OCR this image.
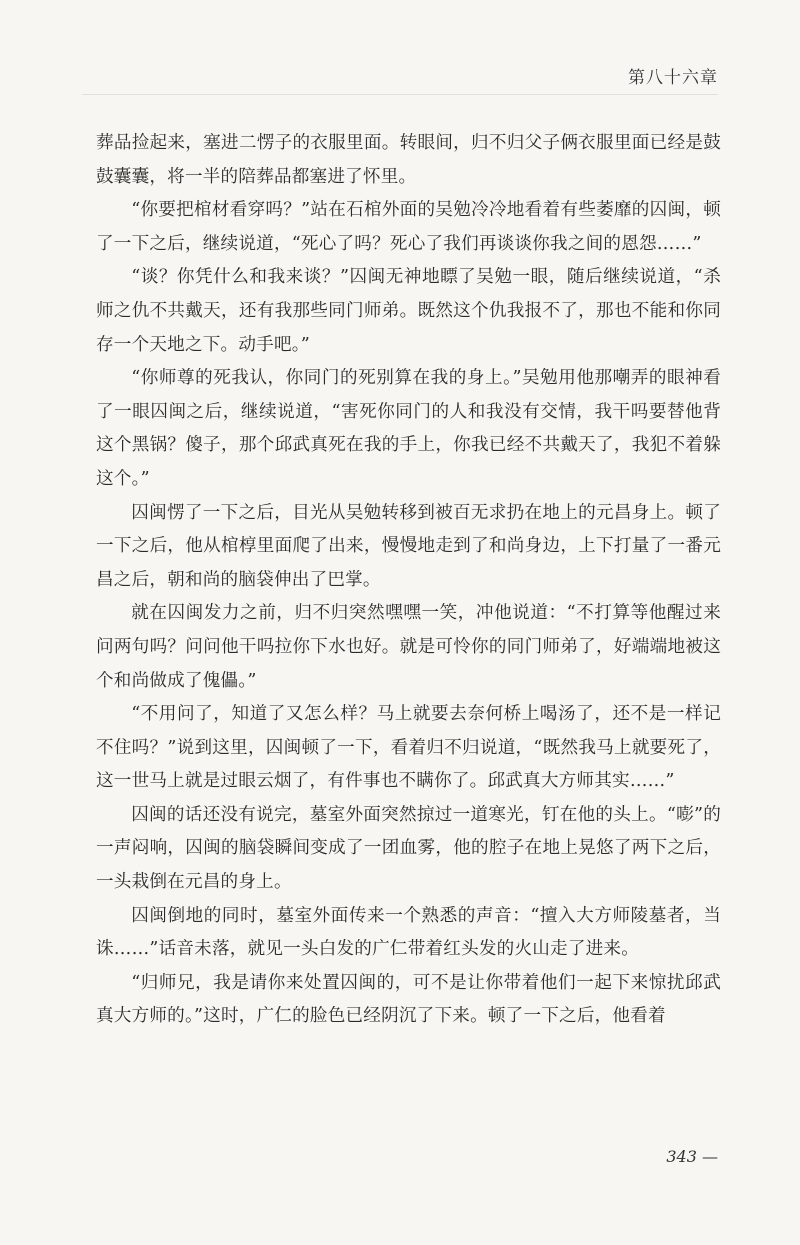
第八十六章

葬品捡起来，塞进二愣子的衣服里面。转眼间，归不归父子俩衣服里面已经是鼓鼓囊囊，将一半的陪葬品都塞进了怀里。

“你要把棺材看穿吗？”站在石棺外面的吴勉冷冷地看着有些萎靡的囚闽，顿了一下之后，继续说道，“死心了吗？死心了我们再谈谈你我之间的恩怨……”

“谈？你凭什么和我来谈？”囚闽无神地瞟了吴勉一眼，随后继续说道，“杀师之仇不共戴天，还有我那些同门师弟。既然这个仇我报不了，那也不能和你同存一个天地之下。动手吧。”

“你师尊的死我认，你同门的死别算在我的身上。”吴勉用他那嘲弄的眼神看了一眼囚闽之后，继续说道，“害死你同门的人和我没有交情，我干吗要替他背这个黑锅？傻子，那个邱武真死在我的手上，你我已经不共戴天了，我犯不着躲这个。”

囚闽愣了一下之后，目光从吴勉转移到被百无求扔在地上的元昌身上。顿了一下之后，他从棺椁里面爬了出来，慢慢地走到了和尚身边，上下打量了一番元昌之后，朝和尚的脑袋伸出了巴掌。

就在囚闽发力之前，归不归突然嘿嘿一笑，冲他说道：“不打算等他醒过来问两句吗？问问他干吗拉你下水也好。就是可怜你的同门师弟了，好端端地被这个和尚做成了傀儡。”

“不用问了，知道了又怎么样？马上就要去奈何桥上喝汤了，还不是一样记不住吗？”说到这里，囚闽顿了一下，看着归不归说道，“既然我马上就要死了，这一世马上就是过眼云烟了，有件事也不瞒你了。邱武真大方师其实……”

囚闽的话还没有说完，墓室外面突然掠过一道寒光，钉在他的头上。“嘭”的一声闷响，囚闽的脑袋瞬间变成了一团血雾，他的腔子在地上晃悠了两下之后，一头栽倒在元昌的身上。

囚闽倒地的同时，墓室外面传来一个熟悉的声音：“擅入大方师陵墓者，当诛……”话音未落，就见一头白发的广仁带着红头发的火山走了进来。

“归师兄，我是请你来处置囚闽的，可不是让你带着他们一起下来惊扰邱武真大方师的。”这时，广仁的脸色已经阴沉了下来。顿了一下之后，他看着

343 —
